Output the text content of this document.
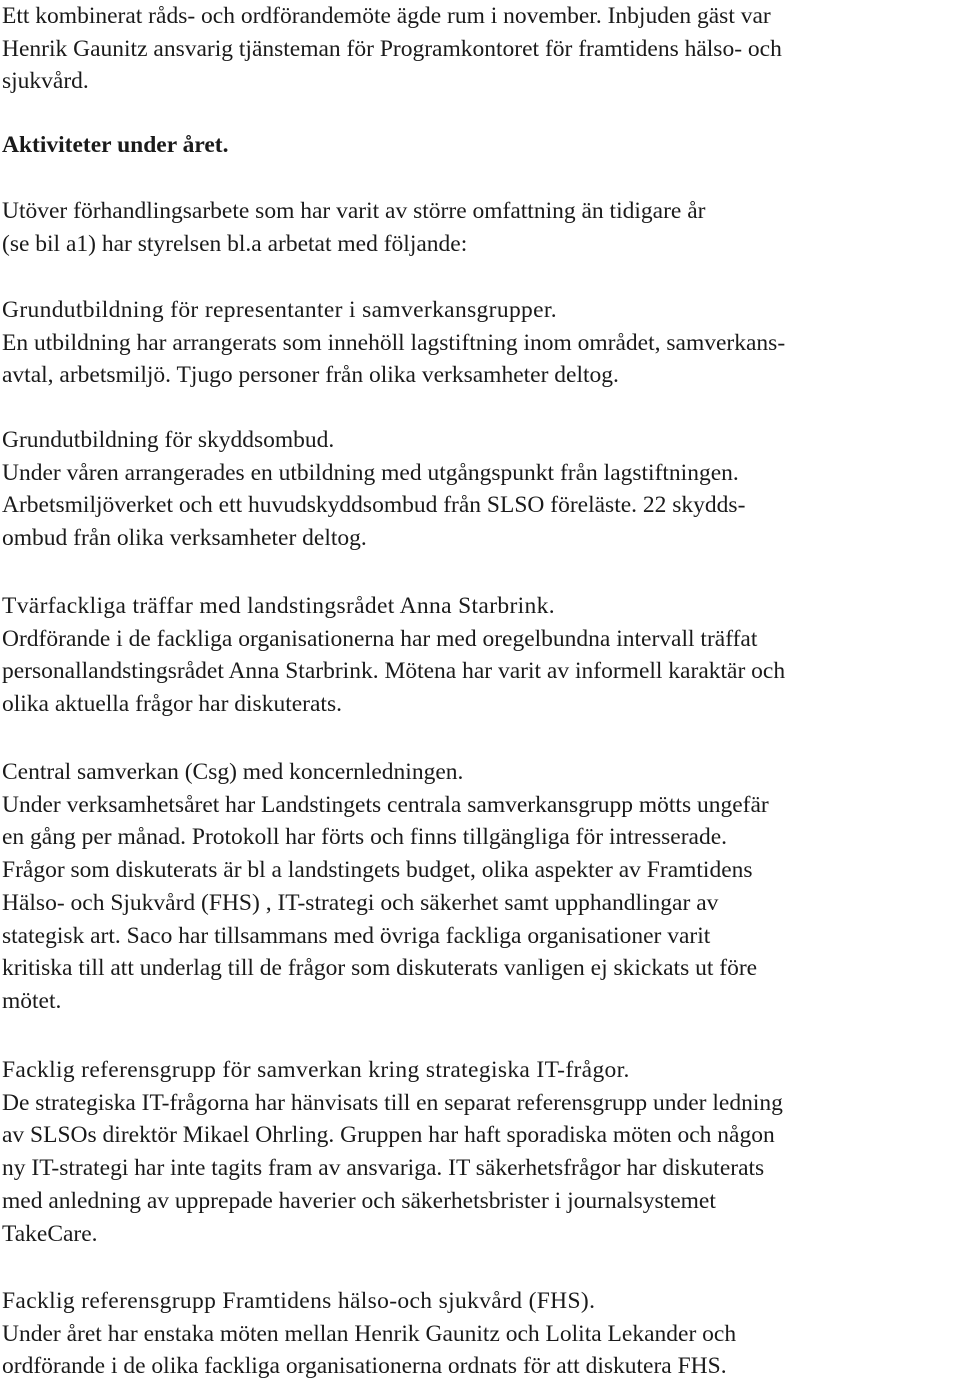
Ett kombinerat råds- och ordförandemöte ägde rum i november. Inbjuden gäst var
Henrik Gaunitz ansvarig tjänsteman för Programkontoret för framtidens hälso- och
sjukvård.
Aktiviteter under året.
Utöver förhandlingsarbete som har varit av större omfattning än tidigare år
(se bil a1) har styrelsen bl.a arbetat med följande:
Grundutbildning för representanter i samverkansgrupper.
En utbildning har arrangerats som innehöll lagstiftning inom området, samverkans-
avtal, arbetsmiljö. Tjugo personer från olika verksamheter deltog.
Grundutbildning för skyddsombud.
Under våren arrangerades en utbildning med utgångspunkt från lagstiftningen.
Arbetsmiljöverket och ett huvudskyddsombud från SLSO föreläste. 22 skydds-
ombud från olika verksamheter deltog.
Tvärfackliga träffar med landstingsrådet Anna Starbrink.
Ordförande i de fackliga organisationerna har med oregelbundna intervall träffat
personallandstingsrådet Anna Starbrink. Mötena har varit av informell karaktär och
olika aktuella frågor har diskuterats.
Central samverkan (Csg) med koncernledningen.
Under verksamhetsåret har Landstingets centrala samverkansgrupp mötts ungefär
en gång per månad. Protokoll har förts och finns tillgängliga för intresserade.
Frågor som diskuterats är bl a landstingets budget, olika aspekter av Framtidens
Hälso- och Sjukvård (FHS) , IT-strategi och säkerhet samt upphandlingar av
stategisk art. Saco har tillsammans med övriga fackliga organisationer varit
kritiska till att underlag till de frågor som diskuterats vanligen ej skickats ut före
mötet.
Facklig referensgrupp för samverkan kring strategiska IT-frågor.
De strategiska IT-frågorna har hänvisats till en separat referensgrupp under ledning
av SLSOs direktör Mikael Ohrling. Gruppen har haft sporadiska möten och någon
ny IT-strategi har inte tagits fram av ansvariga. IT säkerhetsfrågor har diskuterats
med anledning av upprepade haverier och säkerhetsbrister i journalsystemet
TakeCare.
Facklig referensgrupp Framtidens hälso-och sjukvård (FHS).
Under året har enstaka möten mellan Henrik Gaunitz och Lolita Lekander och
ordförande i de olika fackliga organisationerna ordnats för att diskutera FHS.
